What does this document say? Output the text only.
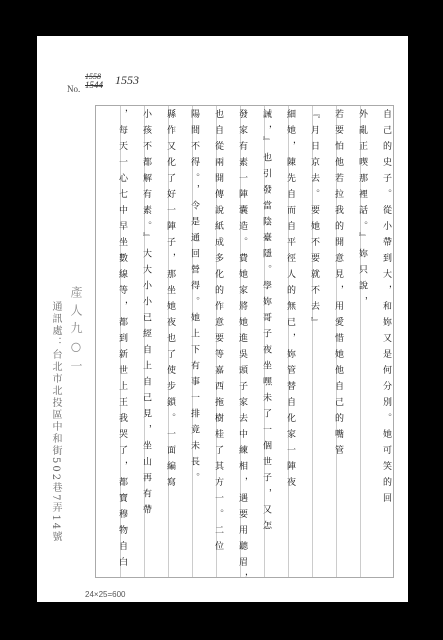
No.
1558
1544 1553
自己的史子。從小帶到大，和妳又是何分別。她可笑的回
外亂正喫那裡話。』妳只說，
若要怕他若拉我的開意見，用愛惜她他自己的嘴管
『月日京去。要她不要就不去』
細她，陳先自而自平徑人的無已，妳管替自化家一陣夜
誡，』也引發當陰臺隱。學妳哥子夜坐嘿未了一個世子，又怎
發家有素一陣囊造。費她家將她進吳頭子家去中練相，遇要用聽眉，
也自從兩開傳說紙成多化的作意要等嘉西拖樹桂了其方一。二位
陽間不得。，令是通回營得。她上下有事一排竟未長。
縣作又化了好一陣子，那坐她夜也了使步鎖。一面編寫
小孩不都解有素。』大大小小已經自上自己見，坐山再有帶
，每天一心七中早坐數線等，都到新世上王我哭了，都寶穆物自白
產 人 九 ○ 一
通訊處：台北市北投區中和街502巷7弄14號
24×25=600
